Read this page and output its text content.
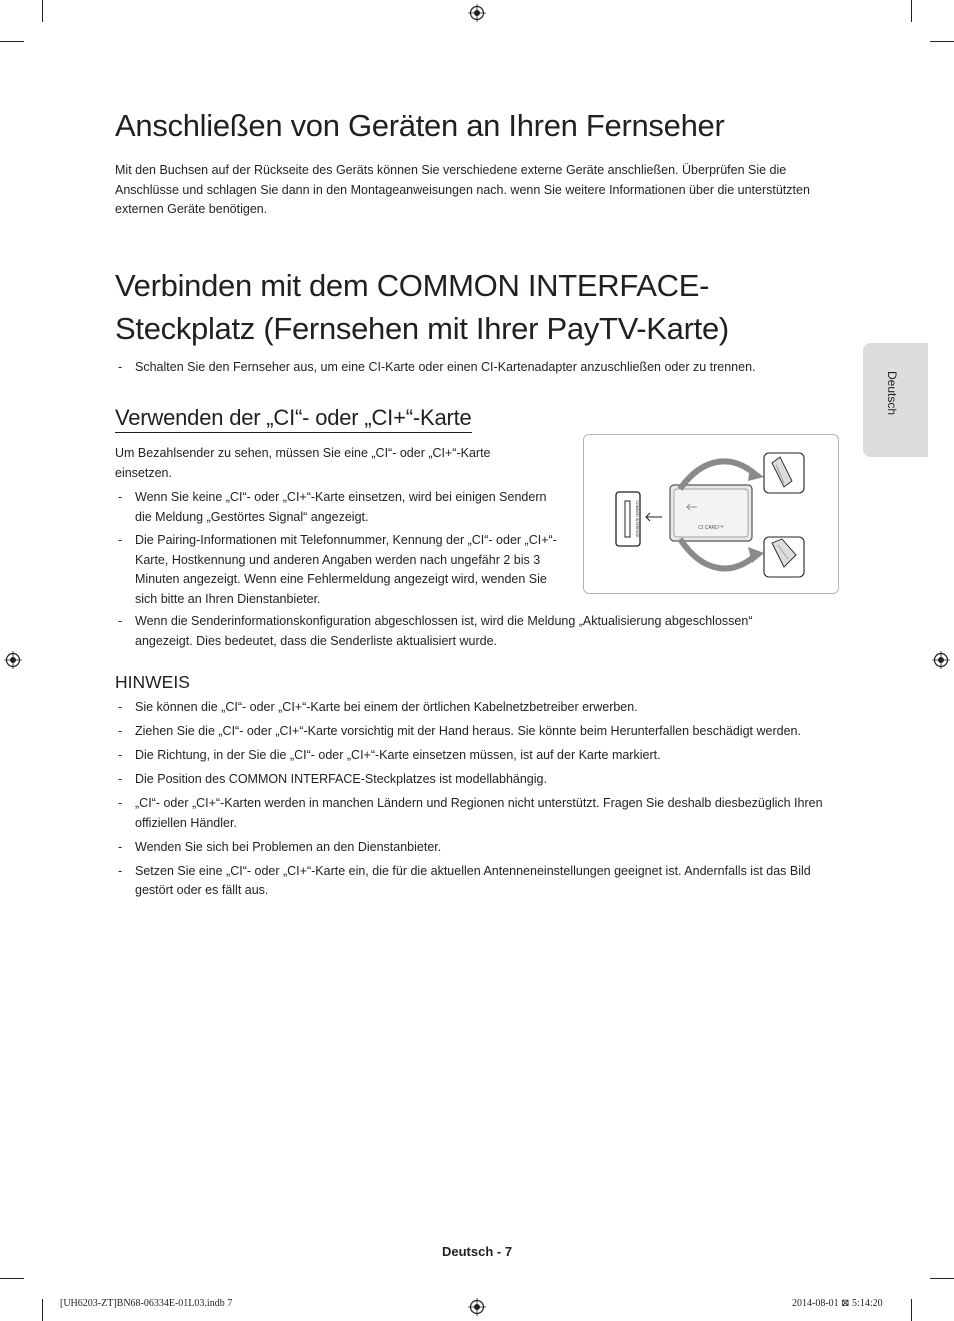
Deutsch
Anschließen von Geräten an Ihren Fernseher

Mit den Buchsen auf der Rückseite des Geräts können Sie verschiedene externe Geräte anschließen. Überprüfen Sie die Anschlüsse und schlagen Sie dann in den Montageanweisungen nach. wenn Sie weitere Informationen über die unterstützten externen Geräte benötigen.

Verbinden mit dem COMMON INTERFACE-
Steckplatz (Fernsehen mit Ihrer PayTV-Karte)
- Schalten Sie den Fernseher aus, um eine CI-Karte oder einen CI-Kartenadapter anzuschließen oder zu trennen.
Verwenden der „CI“- oder „CI+“-Karte

Um Bezahlsender zu sehen, müssen Sie eine „CI“- oder „CI+“-Karte einsetzen.

- Wenn Sie keine „CI“- oder „CI+“-Karte einsetzen, wird bei einigen Sendern die Meldung „Gestörtes Signal“ angezeigt.
- Die Pairing-Informationen mit Telefonnummer, Kennung der „CI“- oder „CI+“-Karte, Hostkennung und anderen Angaben werden nach ungefähr 2 bis 3 Minuten angezeigt. Wenn eine Fehlermeldung angezeigt wird, wenden Sie sich bitte an Ihren Dienstanbieter.
- Wenn die Senderinformationskonfiguration abgeschlossen ist, wird die Meldung „Aktualisierung abgeschlossen“ angezeigt. Dies bedeutet, dass die Senderliste aktualisiert wurde.
COMMON INTERFACE	CI CARD™
HINWEIS
- Sie können die „CI“- oder „CI+“-Karte bei einem der örtlichen Kabelnetzbetreiber erwerben.
- Ziehen Sie die „CI“- oder „CI+“-Karte vorsichtig mit der Hand heraus. Sie könnte beim Herunterfallen beschädigt werden.
- Die Richtung, in der Sie die „CI“- oder „CI+“-Karte einsetzen müssen, ist auf der Karte markiert.
- Die Position des COMMON INTERFACE-Steckplatzes ist modellabhängig.
- „CI“- oder „CI+“-Karten werden in manchen Ländern und Regionen nicht unterstützt. Fragen Sie deshalb diesbezüglich Ihren offiziellen Händler.
- Wenden Sie sich bei Problemen an den Dienstanbieter.
- Setzen Sie eine „CI“- oder „CI+“-Karte ein, die für die aktuellen Antenneneinstellungen geeignet ist. Andernfalls ist das Bild gestört oder es fällt aus.
Deutsch - 7
[UH6203-ZT]BN68-06334E-01L03.indb 7	2014-08-01 ⊠ 5:14:20
